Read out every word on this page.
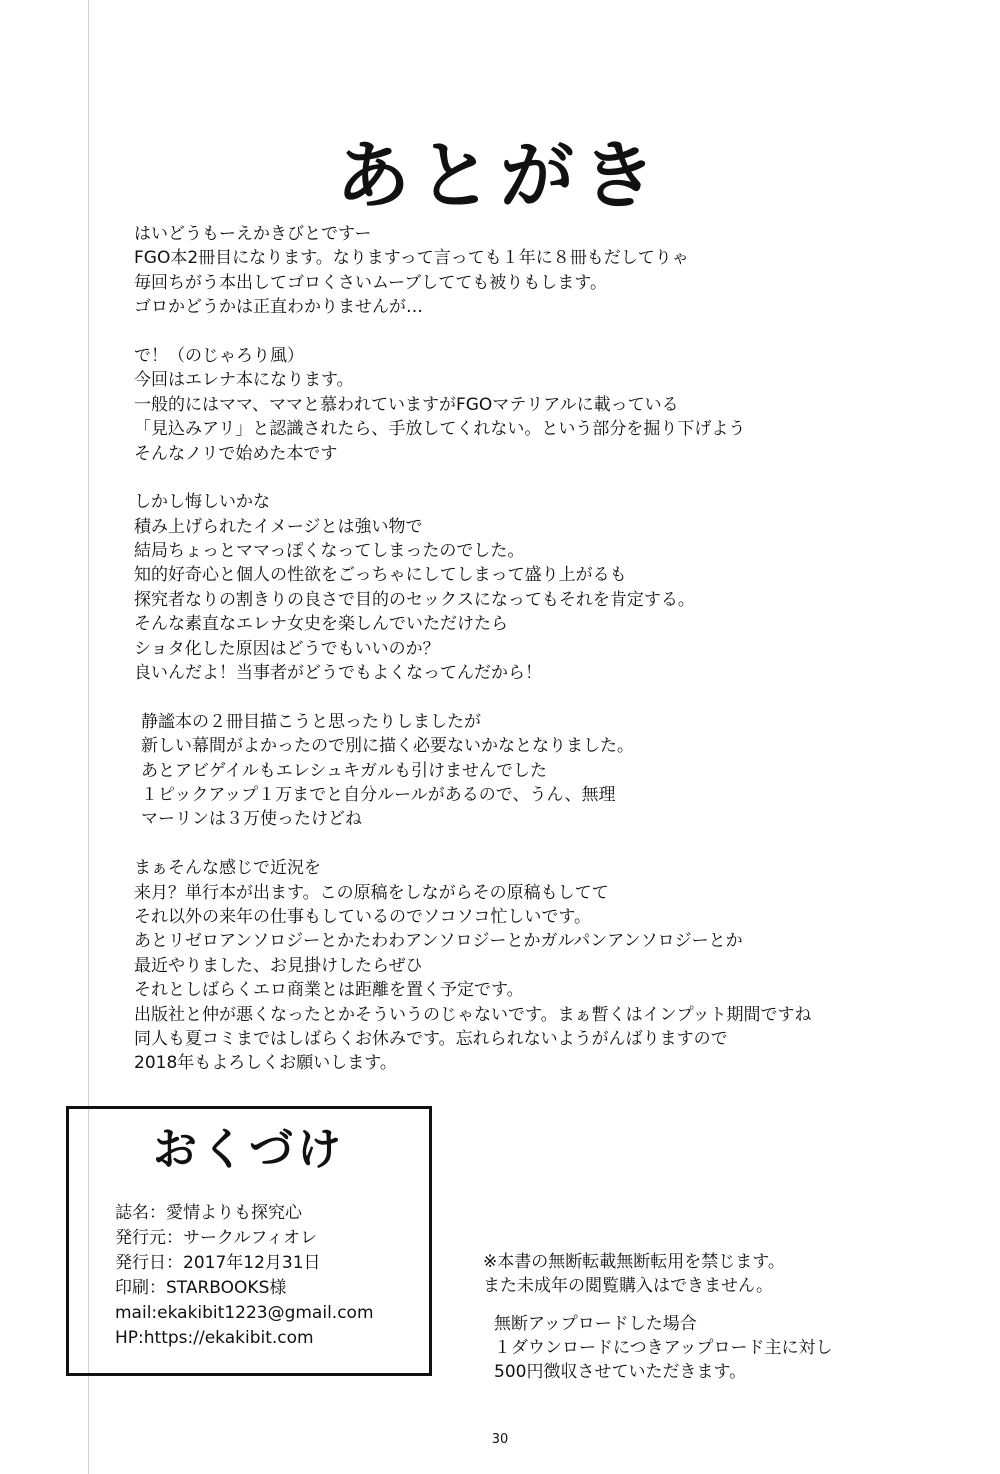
あとがき
はいどうもーえかきびとですー
FGO本2冊目になります。なりますって言っても１年に８冊もだしてりゃ
毎回ちがう本出してゴロくさいムーブしてても被りもします。
ゴロかどうかは正直わかりませんが…
で！（のじゃろり風）
今回はエレナ本になります。
一般的にはママ、ママと慕われていますがFGOマテリアルに載っている
「見込みアリ」と認識されたら、手放してくれない。という部分を掘り下げよう
そんなノリで始めた本です
しかし悔しいかな
積み上げられたイメージとは強い物で
結局ちょっとママっぽくなってしまったのでした。
知的好奇心と個人の性欲をごっちゃにしてしまって盛り上がるも
探究者なりの割きりの良さで目的のセックスになってもそれを肯定する。
そんな素直なエレナ女史を楽しんでいただけたら
ショタ化した原因はどうでもいいのか？
良いんだよ！当事者がどうでもよくなってんだから！
静謐本の２冊目描こうと思ったりしましたが
新しい幕間がよかったので別に描く必要ないかなとなりました。
あとアビゲイルもエレシュキガルも引けませんでした
１ピックアップ１万までと自分ルールがあるので、うん、無理
マーリンは３万使ったけどね
まぁそんな感じで近況を
来月？単行本が出ます。この原稿をしながらその原稿もしてて
それ以外の来年の仕事もしているのでソコソコ忙しいです。
あとリゼロアンソロジーとかたわわアンソロジーとかガルパンアンソロジーとか
最近やりました、お見掛けしたらぜひ
それとしばらくエロ商業とは距離を置く予定です。
出版社と仲が悪くなったとかそういうのじゃないです。まぁ暫くはインプット期間ですね
同人も夏コミまではしばらくお休みです。忘れられないようがんばりますので
2018年もよろしくお願いします。
おくづけ
誌名：愛情よりも探究心
発行元：サークルフィオレ
発行日：2017年12月31日
印刷：STARBOOKS様
mail:ekakibit1223@gmail.com
HP:https://ekakibit.com
※本書の無断転載無断転用を禁じます。
また未成年の閲覧購入はできません。
無断アップロードした場合
１ダウンロードにつきアップロード主に対し
500円徴収させていただきます。
30
